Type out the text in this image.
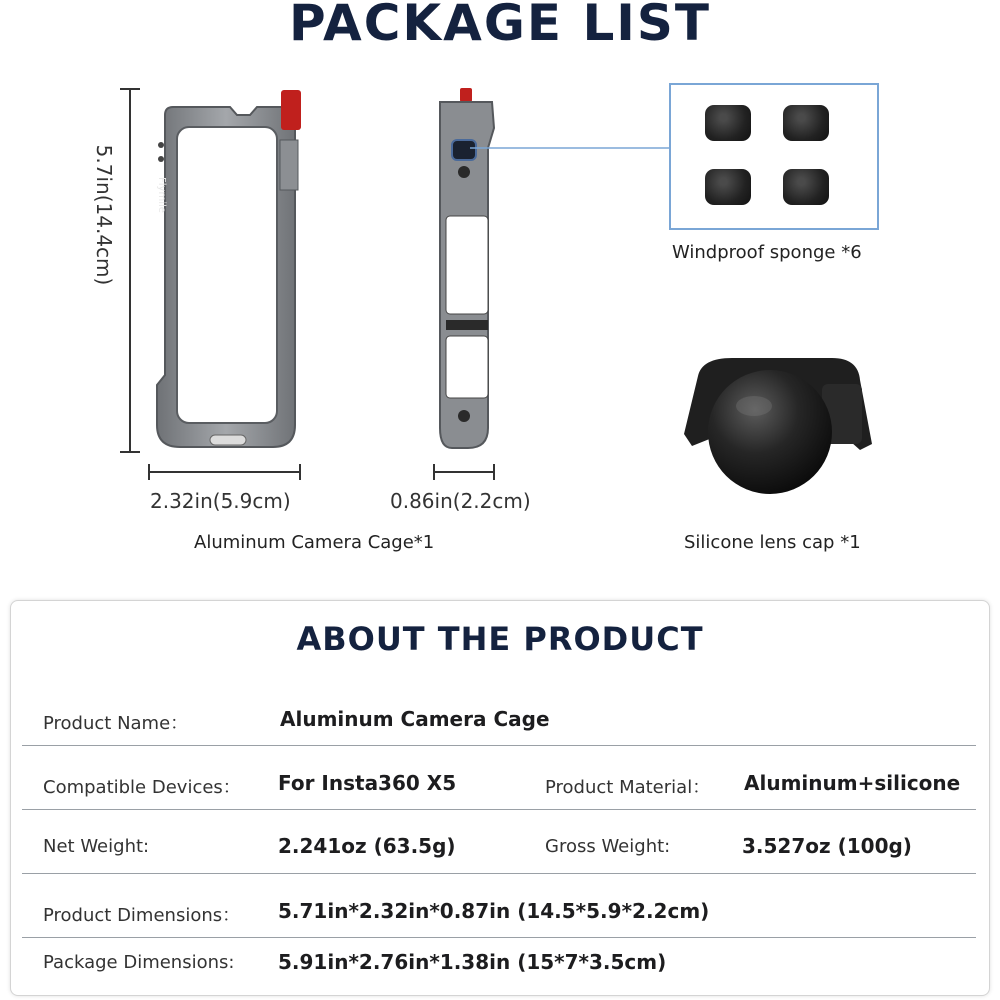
PACKAGE LIST
5.7in(14.4cm)	Flymile
2.32in(5.9cm)	0.86in(2.2cm)
Aluminum Camera Cage*1
Windproof sponge *6
Silicone lens cap *1
ABOUT THE PRODUCT
Product Name：	Aluminum Camera Cage
Compatible Devices： For Insta360 X5	Product Material： Aluminum+silicone
Net Weight:	2.241oz (63.5g)	Gross Weight:	3.527oz (100g)
Product Dimensions： 5.71in*2.32in*0.87in (14.5*5.9*2.2cm)
Package Dimensions: 5.91in*2.76in*1.38in (15*7*3.5cm)
